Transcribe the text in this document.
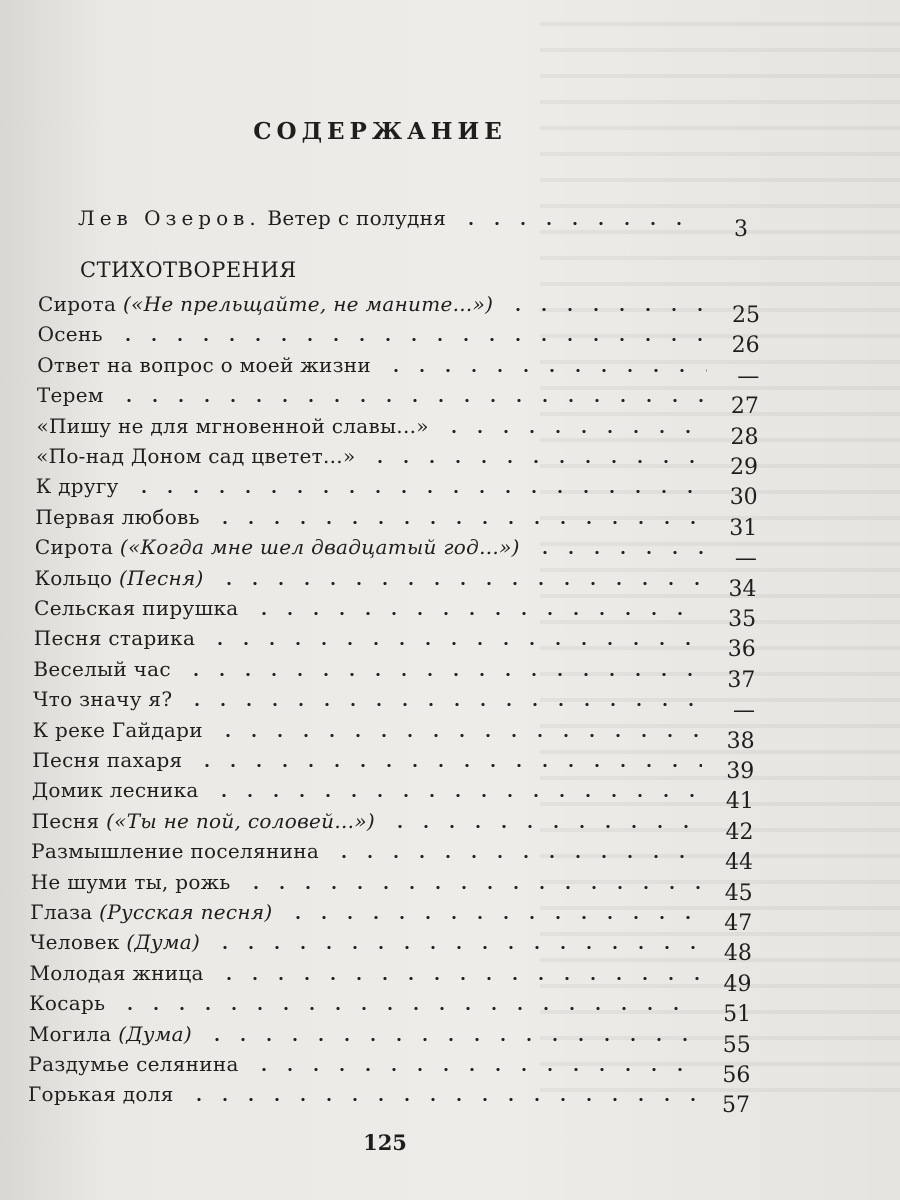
СОДЕРЖАНИЕ
Лев Озеров. Ветер с полудня	3
СТИХОТВОРЕНИЯ
Сирота («Не прельщайте, не маните...»)	25
Осень	26
Ответ на вопрос о моей жизни	—
Терем	27
«Пишу не для мгновенной славы...»	28
«По-над Доном сад цветет...»	29
К другу	30
Первая любовь	31
Сирота («Когда мне шел двадцатый год...»)	—
Кольцо (Песня)	34
Сельская пирушка	35
Песня старика	36
Веселый час	37
Что значу я?	—
К реке Гайдари	38
Песня пахаря	39
Домик лесника	41
Песня («Ты не пой, соловей...»)	42
Размышление поселянина	44
Не шуми ты, рожь	45
Глаза (Русская песня)	47
Человек (Дума)	48
Молодая жница	49
Косарь	51
Могила (Дума)	55
Раздумье селянина	56
Горькая доля	57
125
